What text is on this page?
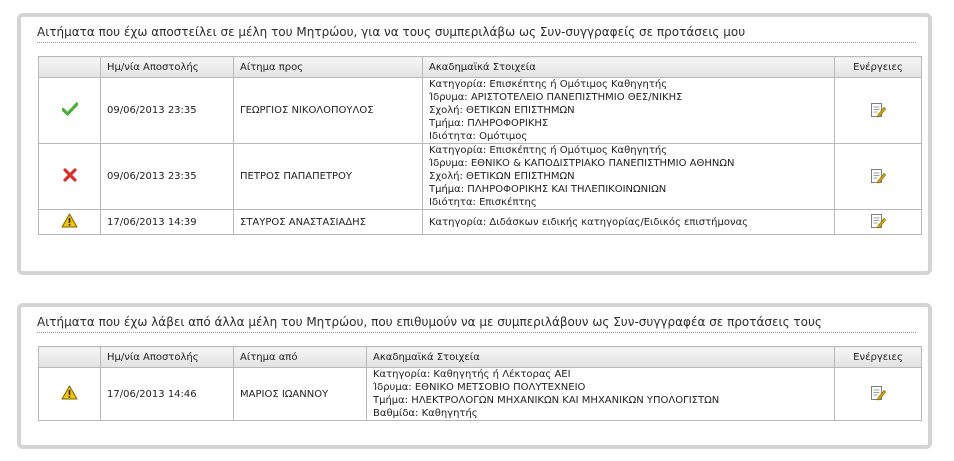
Αιτήματα που έχω αποστείλει σε μέλη του Μητρώου, για να τους συμπεριλάβω ως Συν-συγγραφείς σε προτάσεις μου
	Ημ/νία Αποστολής	Αίτημα προς	Ακαδημαϊκά Στοιχεία	Ενέργειες
	09/06/2013 23:35	ΓΕΩΡΓΙΟΣ ΝΙΚΟΛΟΠΟΥΛΟΣ	Κατηγορία: Επισκέπτης ή Ομότιμος Καθηγητής
Ίδρυμα: ΑΡΙΣΤΟΤΕΛΕΙΟ ΠΑΝΕΠΙΣΤΗΜΙΟ ΘΕΣ/ΝΙΚΗΣ
Σχολή: ΘΕΤΙΚΩΝ ΕΠΙΣΤΗΜΩΝ
Τμήμα: ΠΛΗΡΟΦΟΡΙΚΗΣ
Ιδιότητα: Ομότιμος

	09/06/2013 23:35	ΠΕΤΡΟΣ ΠΑΠΑΠΕΤΡΟΥ	Κατηγορία: Επισκέπτης ή Ομότιμος Καθηγητής
Ίδρυμα: ΕΘΝΙΚΟ & ΚΑΠΟΔΙΣΤΡΙΑΚΟ ΠΑΝΕΠΙΣΤΗΜΙΟ ΑΘΗΝΩΝ
Σχολή: ΘΕΤΙΚΩΝ ΕΠΙΣΤΗΜΩΝ
Τμήμα: ΠΛΗΡΟΦΟΡΙΚΗΣ ΚΑΙ ΤΗΛΕΠΙΚΟΙΝΩΝΙΩΝ
Ιδιότητα: Επισκέπτης

	17/06/2013 14:39	ΣΤΑΥΡΟΣ ΑΝΑΣΤΑΣΙΑΔΗΣ	Κατηγορία: Διδάσκων ειδικής κατηγορίας/Ειδικός επιστήμονας

Αιτήματα που έχω λάβει από άλλα μέλη του Μητρώου, που επιθυμούν να με συμπεριλάβουν ως Συν-συγγραφέα σε προτάσεις τους
	Ημ/νία Αποστολής	Αίτημα από	Ακαδημαϊκά Στοιχεία	Ενέργειες
	17/06/2013 14:46	ΜΑΡΙΟΣ ΙΩΑΝΝΟΥ	Κατηγορία: Καθηγητής ή Λέκτορας ΑΕΙ
Ίδρυμα: ΕΘΝΙΚΟ ΜΕΤΣΟΒΙΟ ΠΟΛΥΤΕΧΝΕΙΟ
Τμήμα: ΗΛΕΚΤΡΟΛΟΓΩΝ ΜΗΧΑΝΙΚΩΝ ΚΑΙ ΜΗΧΑΝΙΚΩΝ ΥΠΟΛΟΓΙΣΤΩΝ
Βαθμίδα: Καθηγητής
